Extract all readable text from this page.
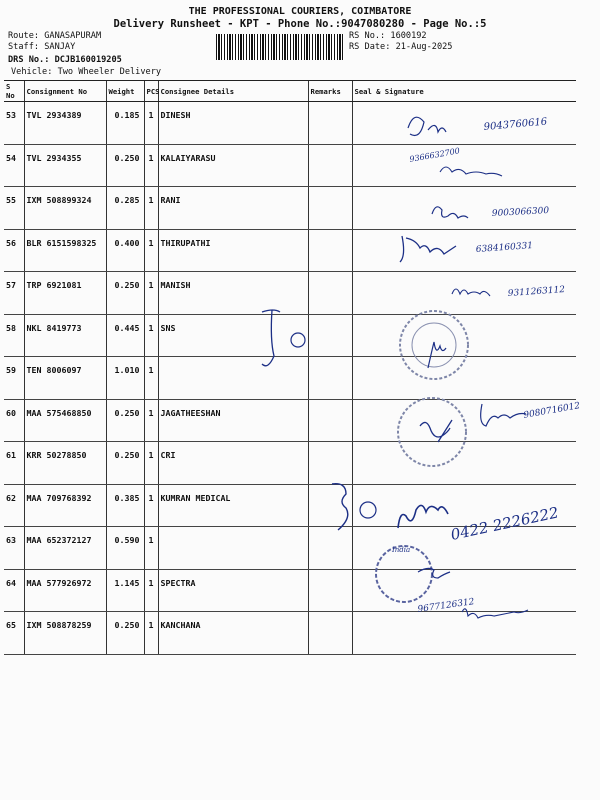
THE PROFESSIONAL COURIERS, COIMBATORE
Delivery Runsheet - KPT - Phone No.:9047080280 - Page No.:5
Route: GANASAPURAM
Staff: SANJAY
DRS No.: DCJB160019205
Vehicle: Two Wheeler Delivery
RS No.: 1600192
RS Date: 21-Aug-2025
S No	Consignment No	Weight	PCS	Consignee Details	Remarks	Seal & Signature
53	TVL 2934389	0.185	1	DINESH		
54	TVL 2934355	0.250	1	KALAIYARASU		
55	IXM 508899324	0.285	1	RANI		
56	BLR 6151598325	0.400	1	THIRUPATHI		
57	TRP 6921081	0.250	1	MANISH		
58	NKL 8419773	0.445	1	SNS		
59	TEN 8006097	1.010	1			
60	MAA 575468850	0.250	1	JAGATHEESHAN		
61	KRR 50278850	0.250	1	CRI		
62	MAA 709768392	0.385	1	KUMRAN MEDICAL		
63	MAA 652372127	0.590	1			
64	MAA 577926972	1.145	1	SPECTRA		
65	IXM 508878259	0.250	1	KANCHANA		
9043760616
9366632700
9003066300
6384160331
9311263112
9080716012
0422 2226222
India
9677126312
